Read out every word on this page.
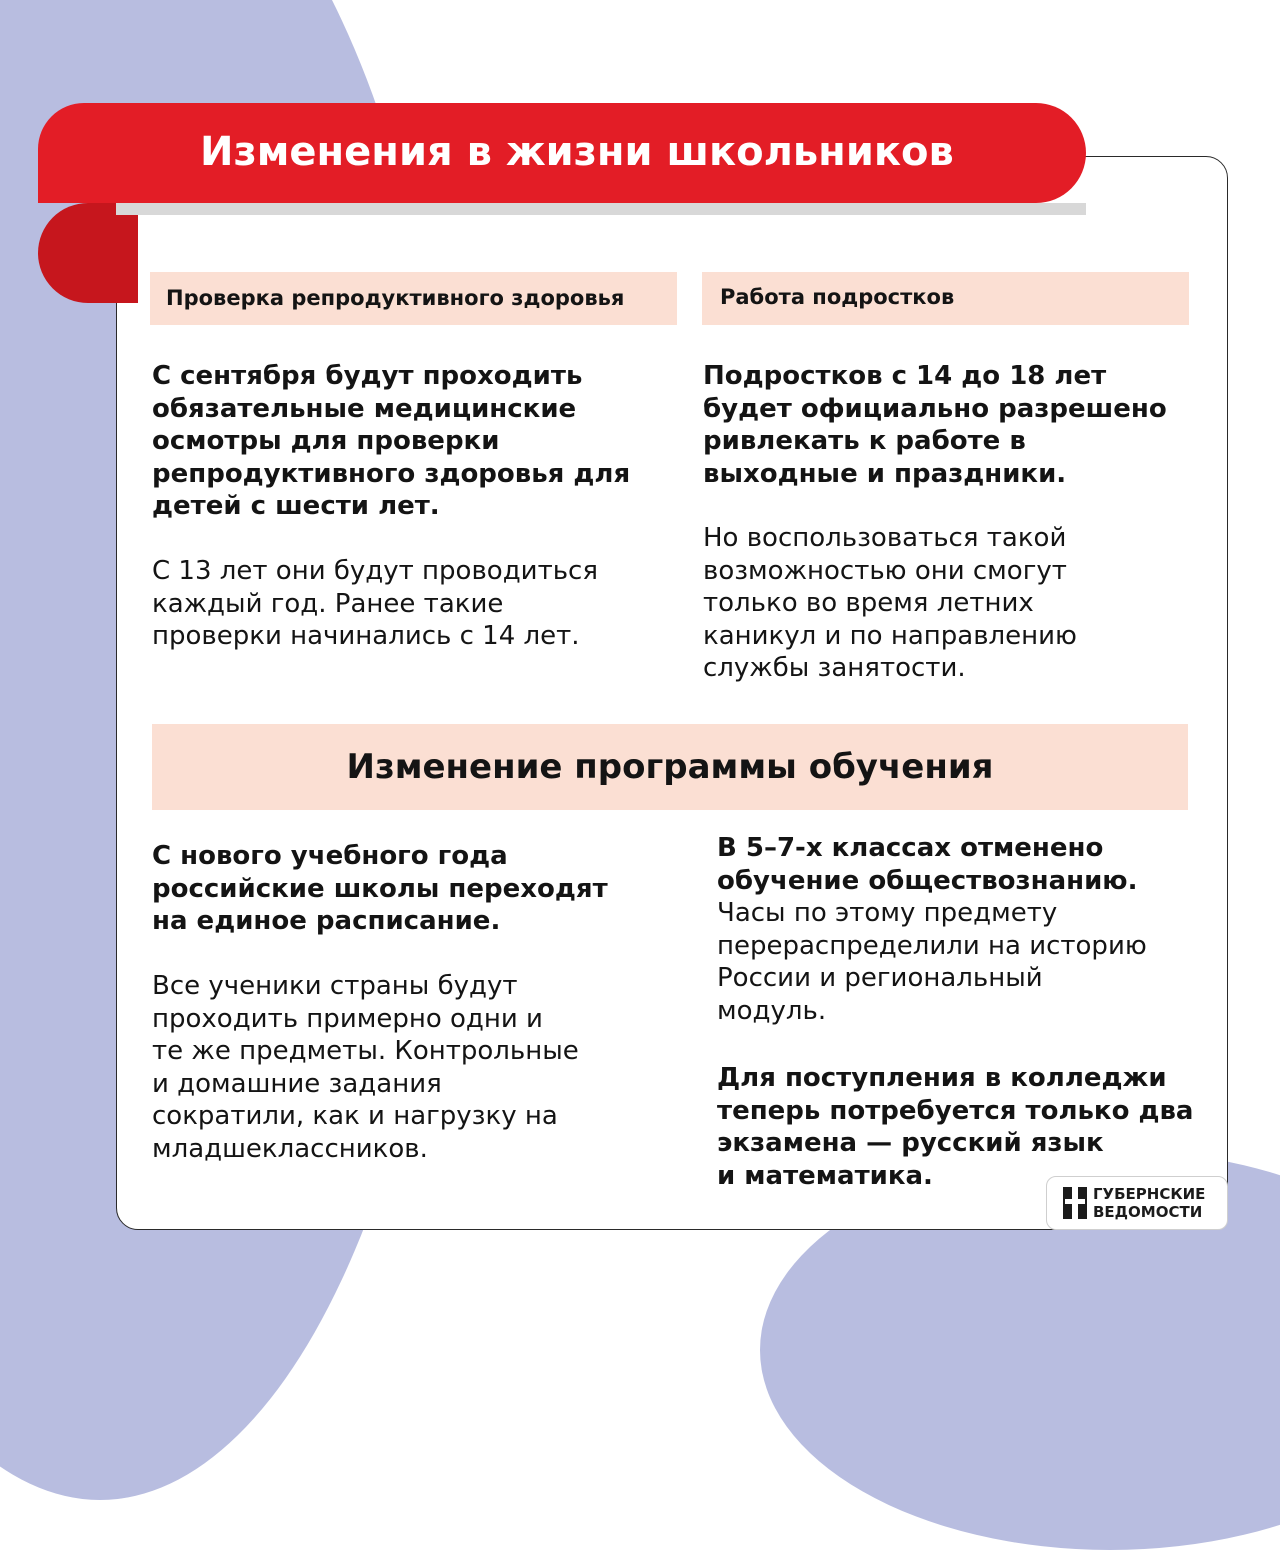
Изменения в жизни школьников
Проверка репродуктивного здоровья
С сентября будут проходить
обязательные медицинские
осмотры для проверки
репродуктивного здоровья для
детей с шести лет.
С 13 лет они будут проводиться
каждый год. Ранее такие
проверки начинались с 14 лет.
Работа подростков
Подростков с 14 до 18 лет
будет официально разрешено
ривлекать к работе в
выходные и праздники.
Но воспользоваться такой
возможностью они смогут
только во время летних
каникул и по направлению
службы занятости.
Изменение программы обучения
С нового учебного года
российские школы переходят
на единое расписание.
Все ученики страны будут
проходить примерно одни и
те же предметы. Контрольные
и домашние задания
сократили, как и нагрузку на
младшеклассников.
В 5–7-х классах отменено
обучение обществознанию.
Часы по этому предмету
перераспределили на историю
России и региональный
модуль.
Для поступления в колледжи
теперь потребуется только два
экзамена — русский язык
и математика.
ГУБЕРНСКИЕ
ВЕДОМОСТИ
